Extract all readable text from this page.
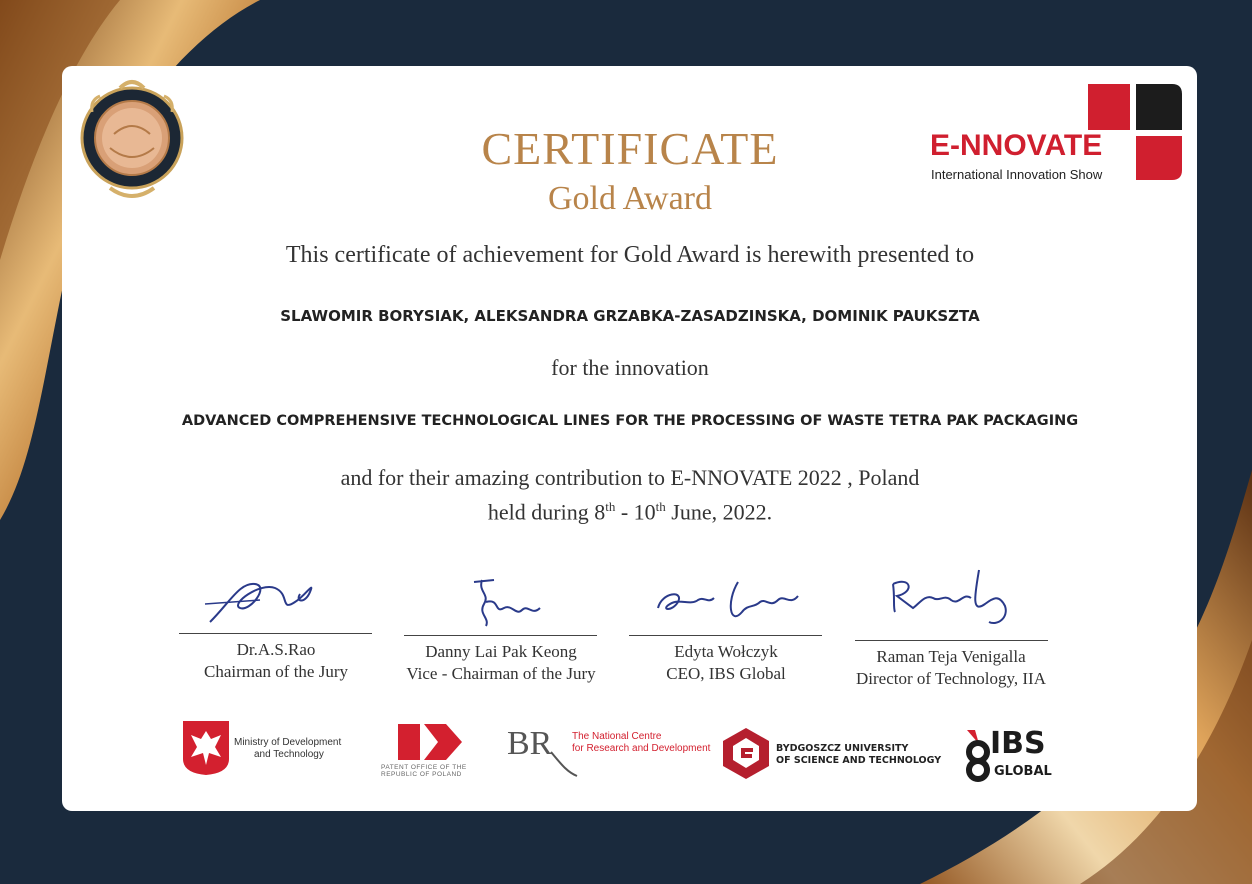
CERTIFICATE
Gold Award
E-NNOVATE
International Innovation Show
This certificate of achievement for Gold Award is herewith presented to
SLAWOMIR BORYSIAK, ALEKSANDRA GRZABKA-ZASADZINSKA, DOMINIK PAUKSZTA
for the innovation
ADVANCED COMPREHENSIVE TECHNOLOGICAL LINES FOR THE PROCESSING OF WASTE TETRA PAK PACKAGING
and for their amazing contribution to E-NNOVATE 2022 , Poland
held during 8th - 10th June, 2022.
Dr.A.S.Rao
Chairman of the Jury
Danny Lai Pak Keong
Vice - Chairman of the Jury
Edyta Wołczyk
CEO, IBS Global
Raman Teja Venigalla
Director of Technology, IIA
Ministry of Development
and Technology
PATENT OFFICE OF THE
REPUBLIC OF POLAND
BR The National Centre
for Research and Development	BYDGOSZCZ UNIVERSITY
OF SCIENCE AND TECHNOLOGY IBS
GLOBAL
